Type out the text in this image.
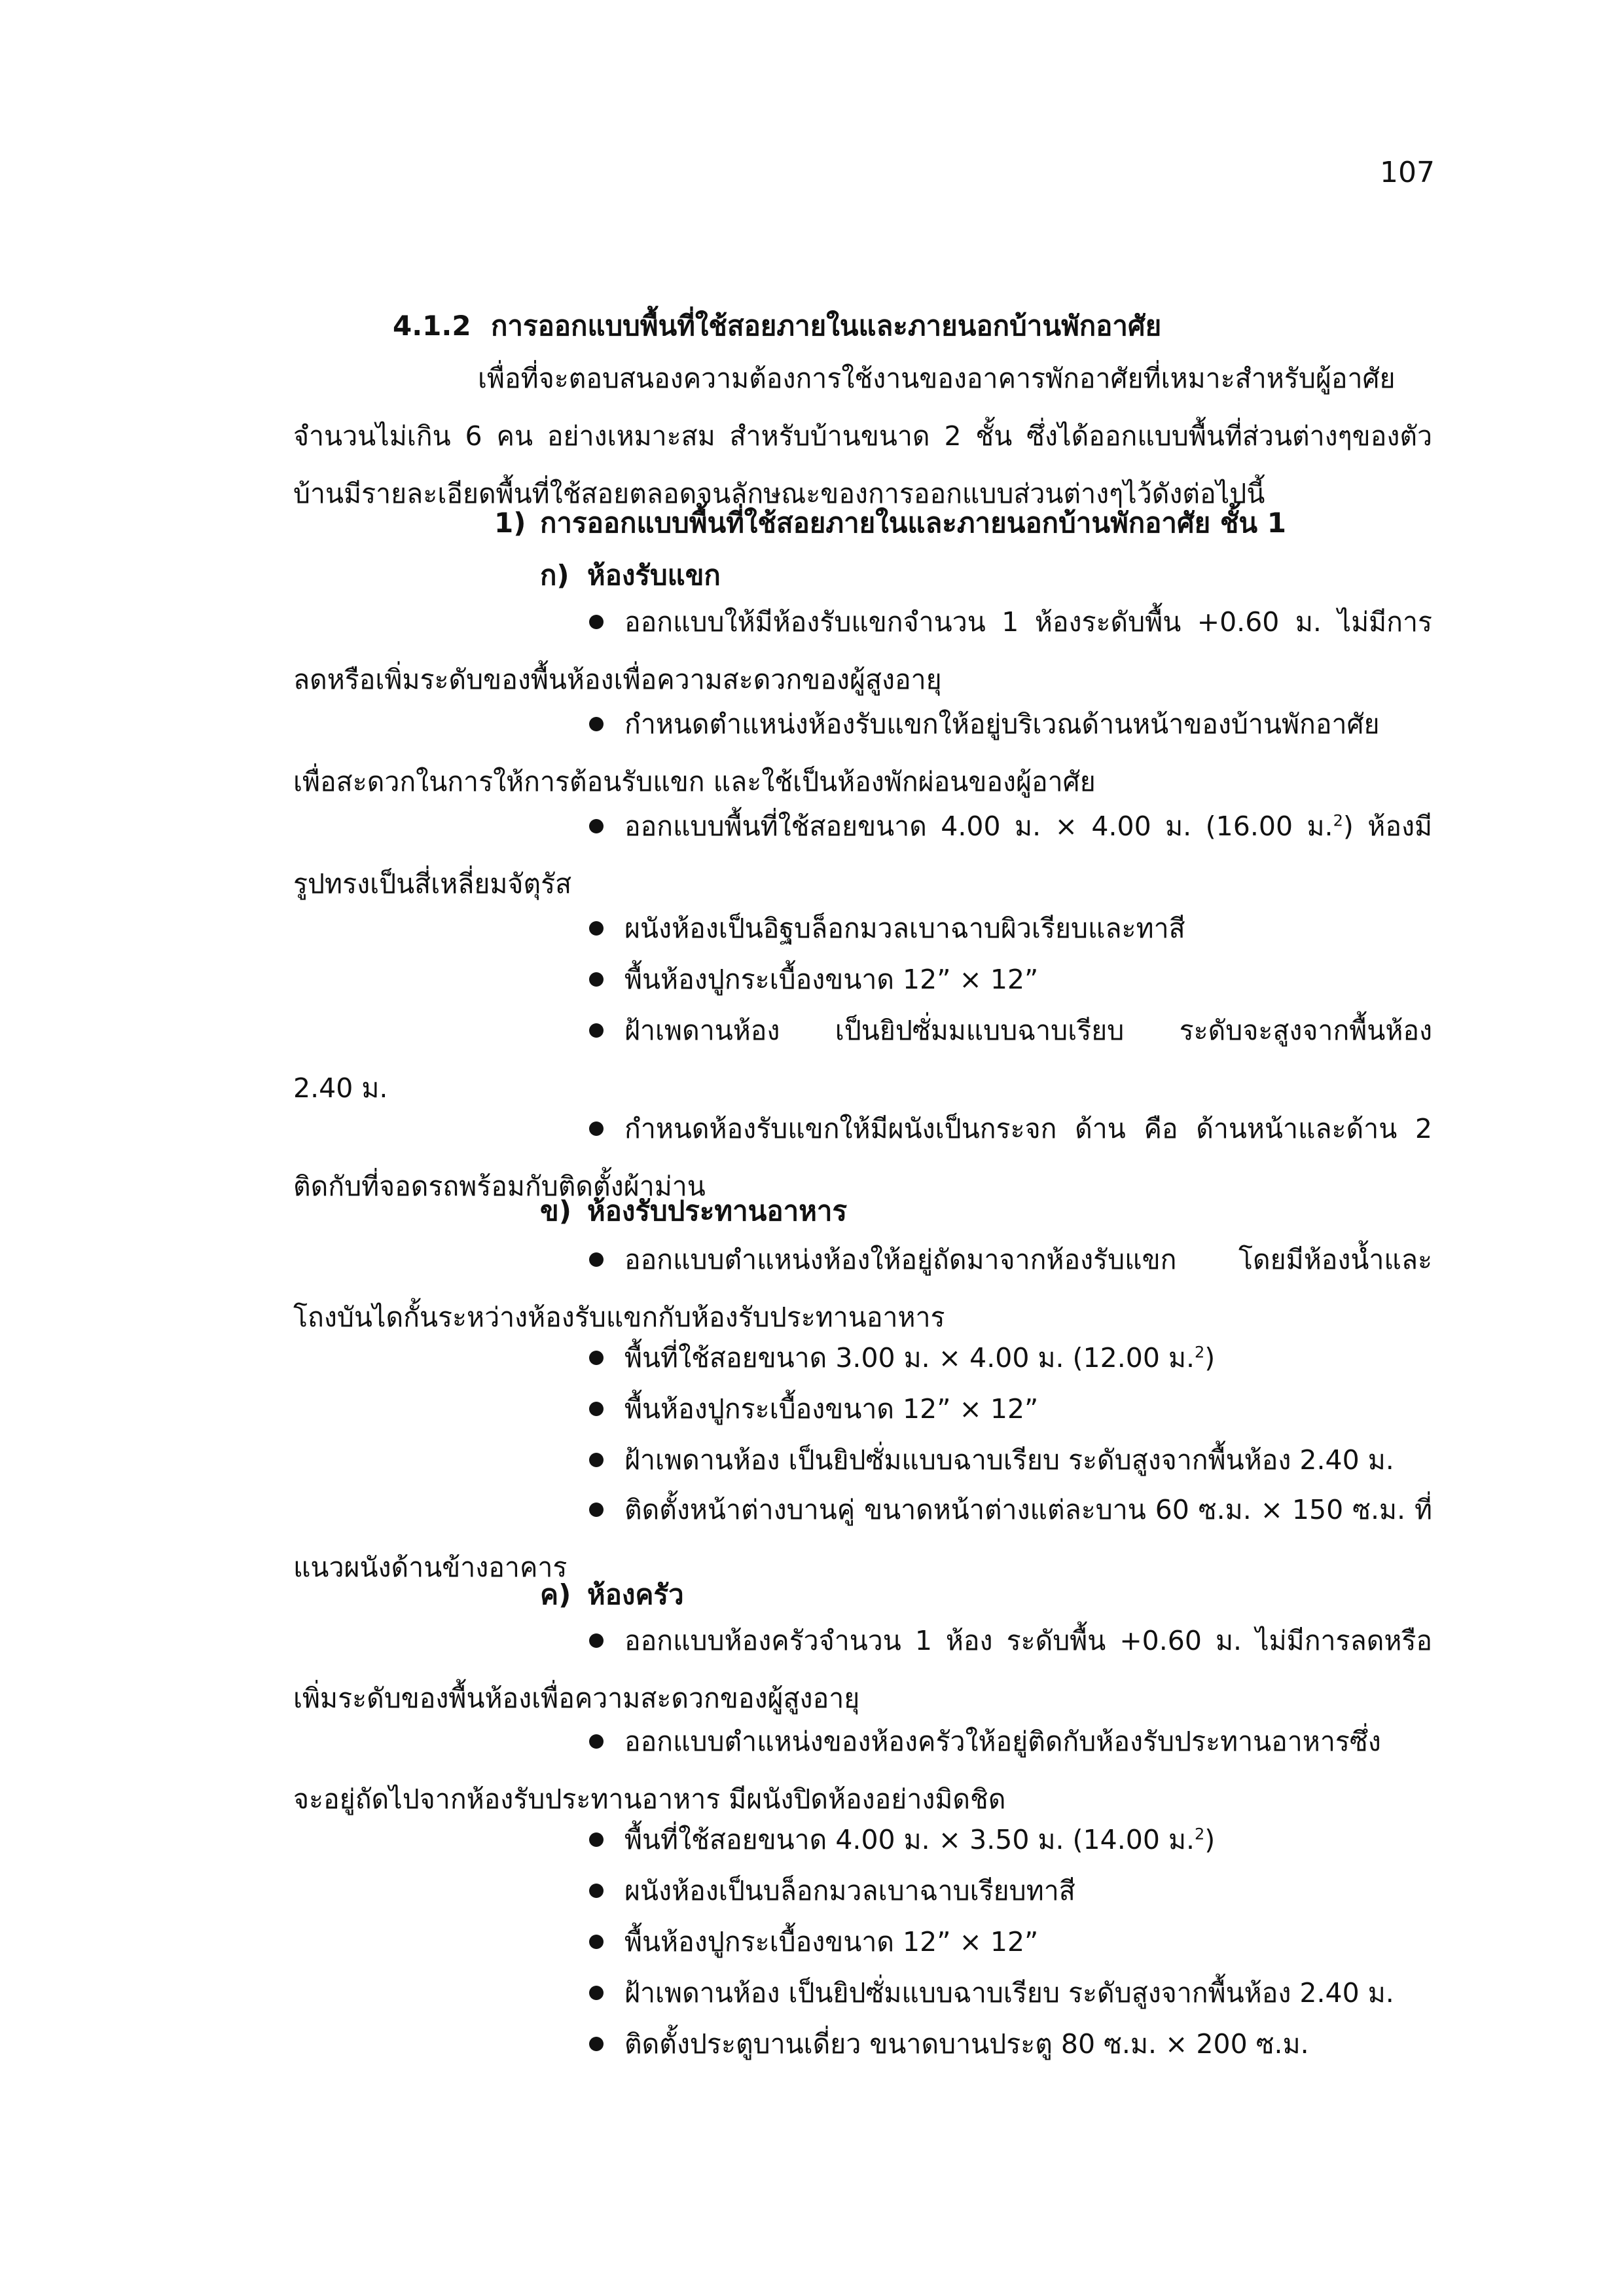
107
4.1.2 การออกแบบพื้นที่ใช้สอยภายในและภายนอกบ้านพักอาศัย
เพื่อที่จะตอบสนองความต้องการใช้งานของอาคารพักอาศัยที่เหมาะสำหรับผู้อาศัย
จำนวนไม่เกิน 6 คน อย่างเหมาะสม สำหรับบ้านขนาด 2 ชั้น ซึ่งได้ออกแบบพื้นที่ส่วนต่างๆของตัว
บ้านมีรายละเอียดพื้นที่ใช้สอยตลอดจนลักษณะของการออกแบบส่วนต่างๆไว้ดังต่อไปนี้
1) การออกแบบพื้นที่ใช้สอยภายในและภายนอกบ้านพักอาศัย ชั้น 1
ก) ห้องรับแขก
ออกแบบให้มีห้องรับแขกจำนวน 1 ห้องระดับพื้น +0.60 ม. ไม่มีการ
ลดหรือเพิ่มระดับของพื้นห้องเพื่อความสะดวกของผู้สูงอายุ
กำหนดตำแหน่งห้องรับแขกให้อยู่บริเวณด้านหน้าของบ้านพักอาศัย
เพื่อสะดวกในการให้การต้อนรับแขก และใช้เป็นห้องพักผ่อนของผู้อาศัย
ออกแบบพื้นที่ใช้สอยขนาด 4.00 ม. × 4.00 ม. (16.00 ม.$^2$) ห้องมี
รูปทรงเป็นสี่เหลี่ยมจัตุรัส
ผนังห้องเป็นอิฐบล็อกมวลเบาฉาบผิวเรียบและทาสี
พื้นห้องปูกระเบื้องขนาด 12” × 12”
ฝ้าเพดานห้อง เป็นยิปซั่มมแบบฉาบเรียบ ระดับจะสูงจากพื้นห้อง
2.40 ม.
กำหนดห้องรับแขกให้มีผนังเป็นกระจก ด้าน คือ ด้านหน้าและด้าน 2
ติดกับที่จอดรถพร้อมกับติดตั้งผ้าม่าน
ข) ห้องรับประทานอาหาร
ออกแบบตำแหน่งห้องให้อยู่ถัดมาจากห้องรับแขก โดยมีห้องน้ำและ
โถงบันไดกั้นระหว่างห้องรับแขกกับห้องรับประทานอาหาร
พื้นที่ใช้สอยขนาด 3.00 ม. × 4.00 ม. (12.00 ม.$^2$)
พื้นห้องปูกระเบื้องขนาด 12” × 12”
ฝ้าเพดานห้อง เป็นยิปซั่มแบบฉาบเรียบ ระดับสูงจากพื้นห้อง 2.40 ม.
ติดตั้งหน้าต่างบานคู่ ขนาดหน้าต่างแต่ละบาน 60 ซ.ม. × 150 ซ.ม. ที่
แนวผนังด้านข้างอาคาร
ค) ห้องครัว
ออกแบบห้องครัวจำนวน 1 ห้อง ระดับพื้น +0.60 ม. ไม่มีการลดหรือ
เพิ่มระดับของพื้นห้องเพื่อความสะดวกของผู้สูงอายุ
ออกแบบตำแหน่งของห้องครัวให้อยู่ติดกับห้องรับประทานอาหารซึ่ง
จะอยู่ถัดไปจากห้องรับประทานอาหาร มีผนังปิดห้องอย่างมิดชิด
พื้นที่ใช้สอยขนาด 4.00 ม. × 3.50 ม. (14.00 ม.$^2$)
ผนังห้องเป็นบล็อกมวลเบาฉาบเรียบทาสี
พื้นห้องปูกระเบื้องขนาด 12” × 12”
ฝ้าเพดานห้อง เป็นยิปซั่มแบบฉาบเรียบ ระดับสูงจากพื้นห้อง 2.40 ม.
ติดตั้งประตูบานเดี่ยว ขนาดบานประตู 80 ซ.ม. × 200 ซ.ม.
